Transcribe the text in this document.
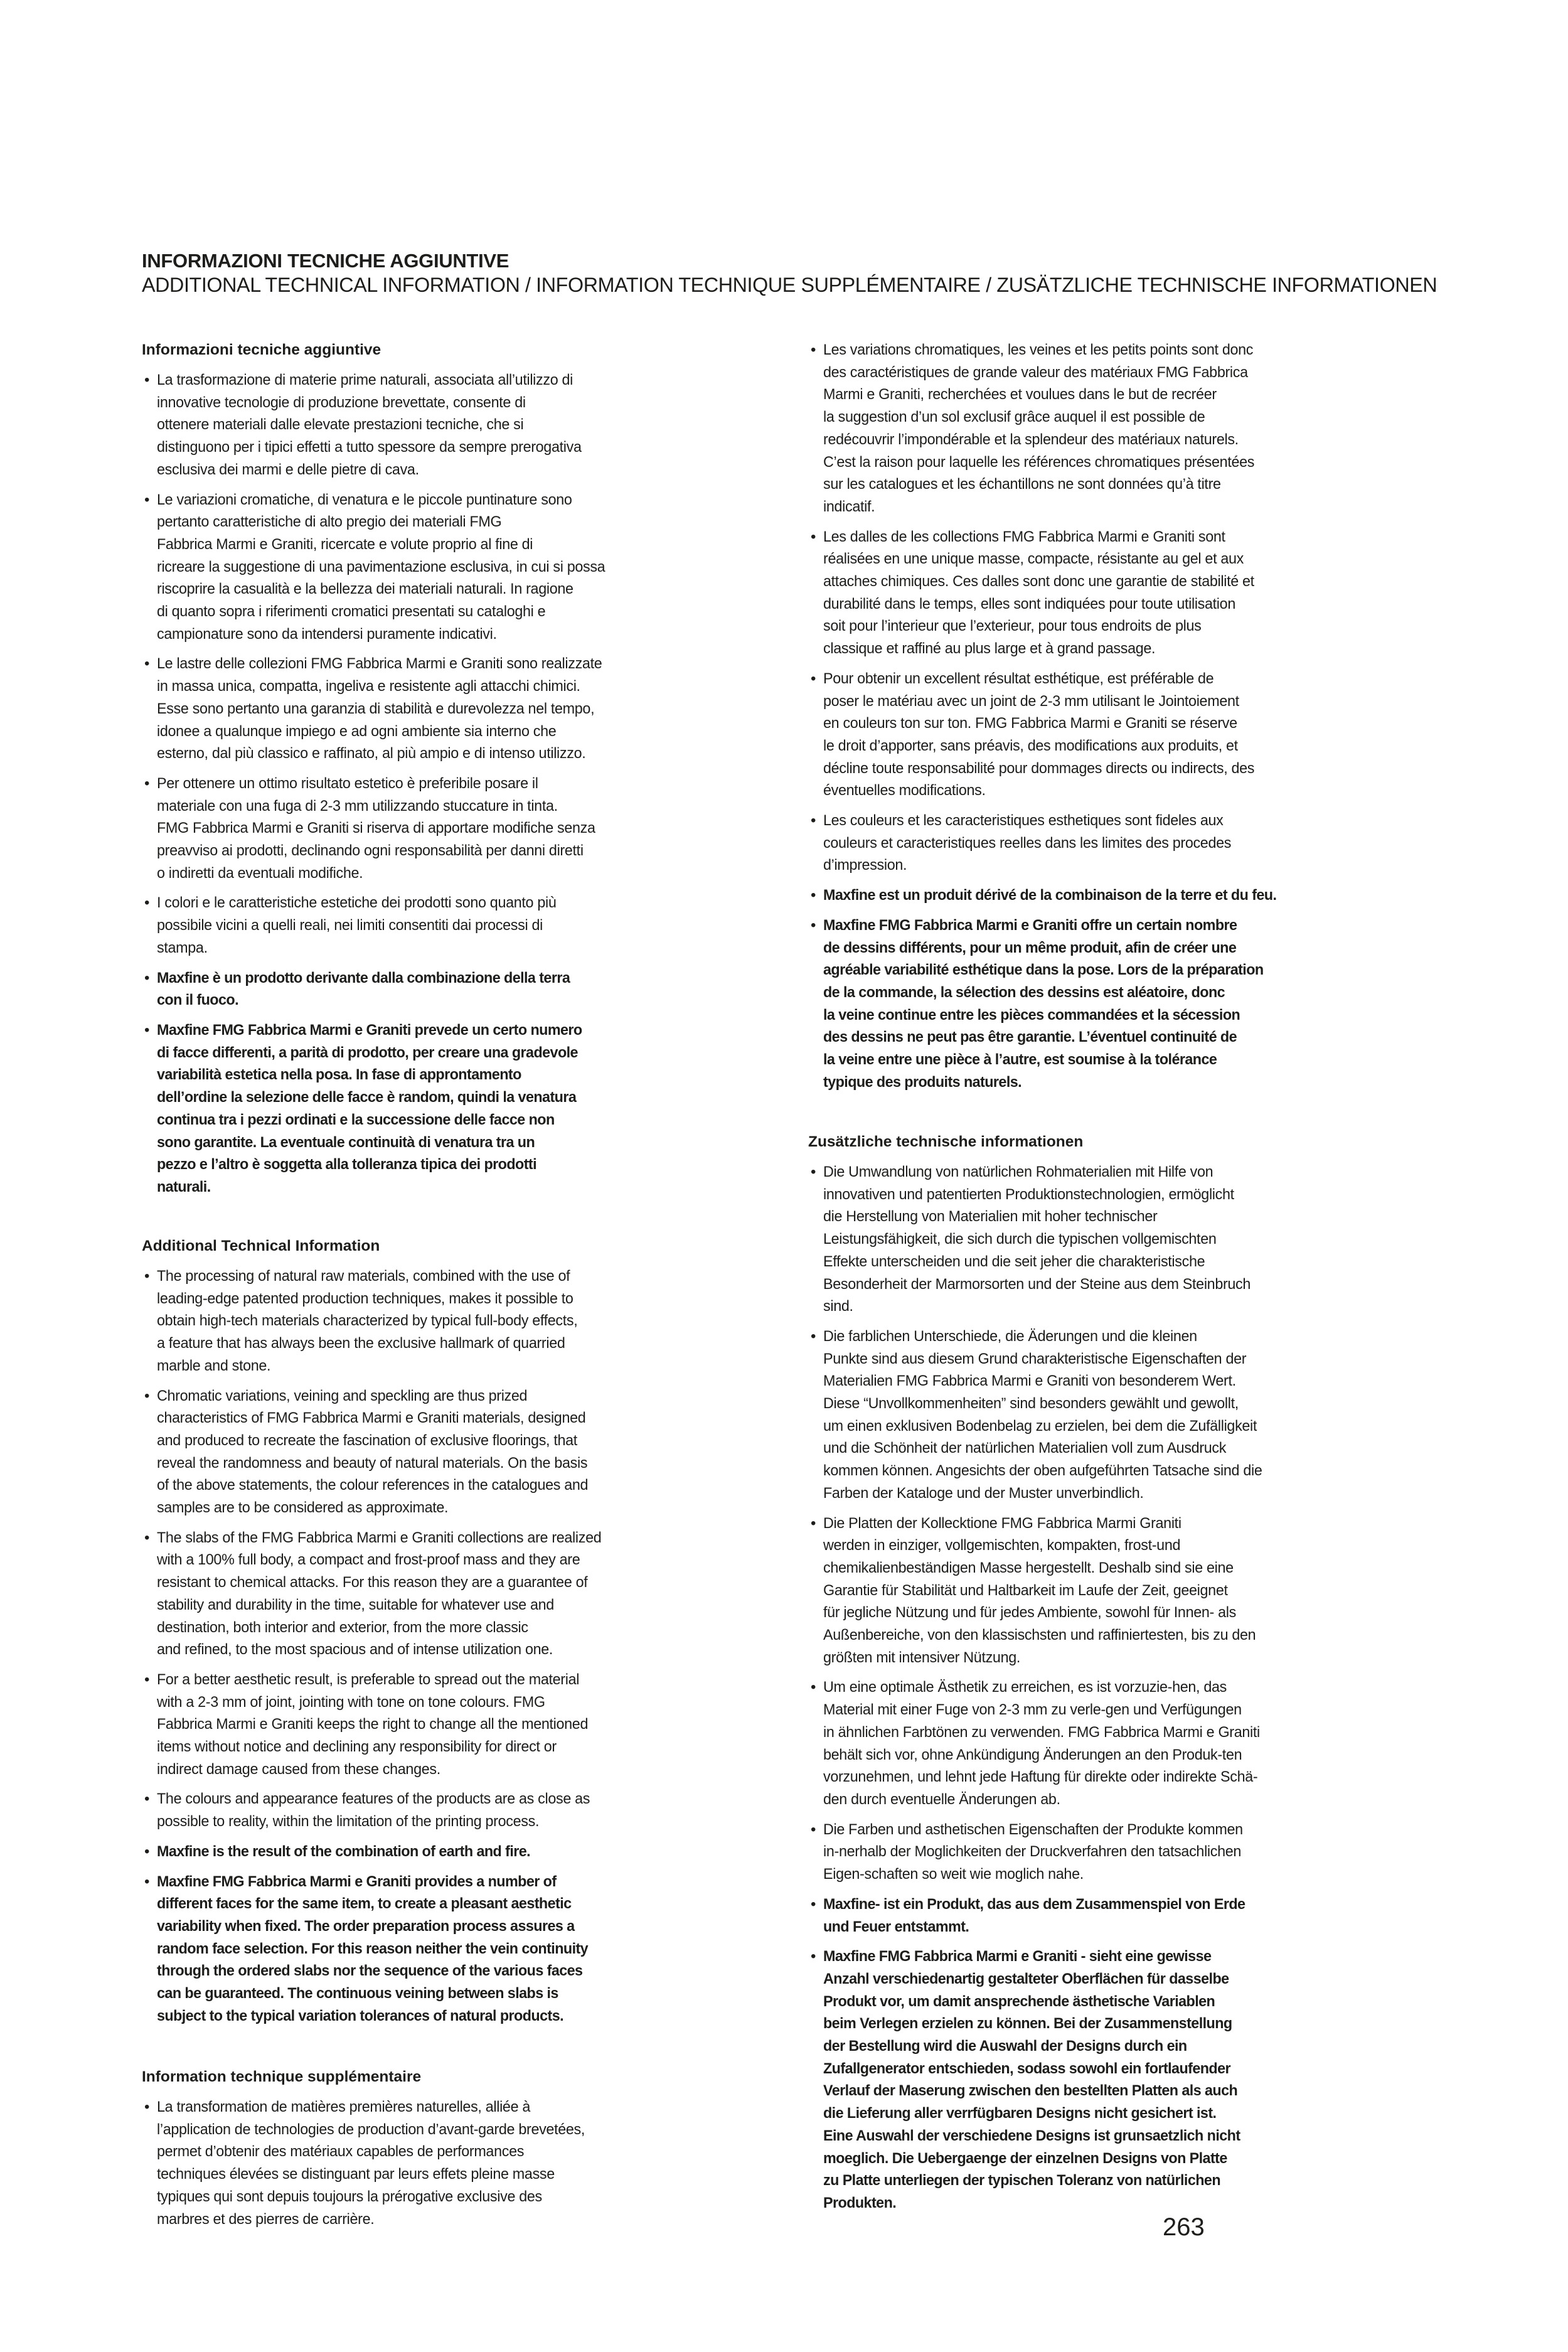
INFORMAZIONI TECNICHE AGGIUNTIVE
ADDITIONAL TECHNICAL INFORMATION / INFORMATION TECHNIQUE SUPPLÉMENTAIRE / ZUSÄTZLICHE TECHNISCHE INFORMATIONEN
Informazioni tecniche aggiuntive
• La trasformazione di materie prime naturali, associata all’utilizzo di
innovative tecnologie di produzione brevettate, consente di
ottenere materiali dalle elevate prestazioni tecniche, che si
distinguono per i tipici effetti a tutto spessore da sempre prerogativa
esclusiva dei marmi e delle pietre di cava.
• Le variazioni cromatiche, di venatura e le piccole puntinature sono
pertanto caratteristiche di alto pregio dei materiali FMG
Fabbrica Marmi e Graniti, ricercate e volute proprio al fine di
ricreare la suggestione di una pavimentazione esclusiva, in cui si possa
riscoprire la casualità e la bellezza dei materiali naturali. In ragione
di quanto sopra i riferimenti cromatici presentati su cataloghi e
campionature sono da intendersi puramente indicativi.
• Le lastre delle collezioni FMG Fabbrica Marmi e Graniti sono realizzate
in massa unica, compatta, ingeliva e resistente agli attacchi chimici.
Esse sono pertanto una garanzia di stabilità e durevolezza nel tempo,
idonee a qualunque impiego e ad ogni ambiente sia interno che
esterno, dal più classico e raffinato, al più ampio e di intenso utilizzo.
• Per ottenere un ottimo risultato estetico è preferibile posare il
materiale con una fuga di 2-3 mm utilizzando stuccature in tinta.
FMG Fabbrica Marmi e Graniti si riserva di apportare modifiche senza
preavviso ai prodotti, declinando ogni responsabilità per danni diretti
o indiretti da eventuali modifiche.
• I colori e le caratteristiche estetiche dei prodotti sono quanto più
possibile vicini a quelli reali, nei limiti consentiti dai processi di
stampa.
• Maxfine è un prodotto derivante dalla combinazione della terra
con il fuoco.
• Maxfine FMG Fabbrica Marmi e Graniti prevede un certo numero
di facce differenti, a parità di prodotto, per creare una gradevole
variabilità estetica nella posa. In fase di approntamento
dell’ordine la selezione delle facce è random, quindi la venatura
continua tra i pezzi ordinati e la successione delle facce non
sono garantite. La eventuale continuità di venatura tra un
pezzo e l’altro è soggetta alla tolleranza tipica dei prodotti
naturali.
Additional Technical Information
• The processing of natural raw materials, combined with the use of
leading-edge patented production techniques, makes it possible to
obtain high-tech materials characterized by typical full-body effects,
a feature that has always been the exclusive hallmark of quarried
marble and stone.
• Chromatic variations, veining and speckling are thus prized
characteristics of FMG Fabbrica Marmi e Graniti materials, designed
and produced to recreate the fascination of exclusive floorings, that
reveal the randomness and beauty of natural materials. On the basis
of the above statements, the colour references in the catalogues and
samples are to be considered as approximate.
• The slabs of the FMG Fabbrica Marmi e Graniti collections are realized
with a 100% full body, a compact and frost-proof mass and they are
resistant to chemical attacks. For this reason they are a guarantee of
stability and durability in the time, suitable for whatever use and
destination, both interior and exterior, from the more classic
and refined, to the most spacious and of intense utilization one.
• For a better aesthetic result, is preferable to spread out the material
with a 2-3 mm of joint, jointing with tone on tone colours. FMG
Fabbrica Marmi e Graniti keeps the right to change all the mentioned
items without notice and declining any responsibility for direct or
indirect damage caused from these changes.
• The colours and appearance features of the products are as close as
possible to reality, within the limitation of the printing process.
• Maxfine is the result of the combination of earth and fire.
• Maxfine FMG Fabbrica Marmi e Graniti provides a number of
different faces for the same item, to create a pleasant aesthetic
variability when fixed. The order preparation process assures a
random face selection. For this reason neither the vein continuity
through the ordered slabs nor the sequence of the various faces
can be guaranteed. The continuous veining between slabs is
subject to the typical variation tolerances of natural products.
Information technique supplémentaire
• La transformation de matières premières naturelles, alliée à
l’application de technologies de production d’avant-garde brevetées,
permet d’obtenir des matériaux capables de performances
techniques élevées se distinguant par leurs effets pleine masse
typiques qui sont depuis toujours la prérogative exclusive des
marbres et des pierres de carrière.
• Les variations chromatiques, les veines et les petits points sont donc
des caractéristiques de grande valeur des matériaux FMG Fabbrica
Marmi e Graniti, recherchées et voulues dans le but de recréer
la suggestion d’un sol exclusif grâce auquel il est possible de
redécouvrir l’impondérable et la splendeur des matériaux naturels.
C’est la raison pour laquelle les références chromatiques présentées
sur les catalogues et les échantillons ne sont données qu’à titre
indicatif.
• Les dalles de les collections FMG Fabbrica Marmi e Graniti sont
réalisées en une unique masse, compacte, résistante au gel et aux
attaches chimiques. Ces dalles sont donc une garantie de stabilité et
durabilité dans le temps, elles sont indiquées pour toute utilisation
soit pour l’interieur que l’exterieur, pour tous endroits de plus
classique et raffiné au plus large et à grand passage.
• Pour obtenir un excellent résultat esthétique, est préférable de
poser le matériau avec un joint de 2-3 mm utilisant le Jointoiement
en couleurs ton sur ton. FMG Fabbrica Marmi e Graniti se réserve
le droit d’apporter, sans préavis, des modifications aux produits, et
décline toute responsabilité pour dommages directs ou indirects, des
éventuelles modifications.
• Les couleurs et les caracteristiques esthetiques sont fideles aux
couleurs et caracteristiques reelles dans les limites des procedes
d’impression.
• Maxfine est un produit dérivé de la combinaison de la terre et du feu.
• Maxfine FMG Fabbrica Marmi e Graniti offre un certain nombre
de dessins différents, pour un même produit, afin de créer une
agréable variabilité esthétique dans la pose. Lors de la préparation
de la commande, la sélection des dessins est aléatoire, donc
la veine continue entre les pièces commandées et la sécession
des dessins ne peut pas être garantie. L’éventuel continuité de
la veine entre une pièce à l’autre, est soumise à la tolérance
typique des produits naturels.
Zusätzliche technische informationen
• Die Umwandlung von natürlichen Rohmaterialien mit Hilfe von
innovativen und patentierten Produktionstechnologien, ermöglicht
die Herstellung von Materialien mit hoher technischer
Leistungsfähigkeit, die sich durch die typischen vollgemischten
Effekte unterscheiden und die seit jeher die charakteristische
Besonderheit der Marmorsorten und der Steine aus dem Steinbruch
sind.
• Die farblichen Unterschiede, die Äderungen und die kleinen
Punkte sind aus diesem Grund charakteristische Eigenschaften der
Materialien FMG Fabbrica Marmi e Graniti von besonderem Wert.
Diese “Unvollkommenheiten” sind besonders gewählt und gewollt,
um einen exklusiven Bodenbelag zu erzielen, bei dem die Zufälligkeit
und die Schönheit der natürlichen Materialien voll zum Ausdruck
kommen können. Angesichts der oben aufgeführten Tatsache sind die
Farben der Kataloge und der Muster unverbindlich.
• Die Platten der Kollecktione FMG Fabbrica Marmi Graniti
werden in einziger, vollgemischten, kompakten, frost-und
chemikalienbeständigen Masse hergestellt. Deshalb sind sie eine
Garantie für Stabilität und Haltbarkeit im Laufe der Zeit, geeignet
für jegliche Nützung und für jedes Ambiente, sowohl für Innen- als
Außenbereiche, von den klassischsten und raffiniertesten, bis zu den
größten mit intensiver Nützung.
• Um eine optimale Ästhetik zu erreichen, es ist vorzuzie-hen, das
Material mit einer Fuge von 2-3 mm zu verle-gen und Verfügungen
in ähnlichen Farbtönen zu verwenden. FMG Fabbrica Marmi e Graniti
behält sich vor, ohne Ankündigung Änderungen an den Produk-ten
vorzunehmen, und lehnt jede Haftung für direkte oder indirekte Schä-
den durch eventuelle Änderungen ab.
• Die Farben und asthetischen Eigenschaften der Produkte kommen
in-nerhalb der Moglichkeiten der Druckverfahren den tatsachlichen
Eigen-schaften so weit wie moglich nahe.
• Maxfine- ist ein Produkt, das aus dem Zusammenspiel von Erde
und Feuer entstammt.
• Maxfine FMG Fabbrica Marmi e Graniti - sieht eine gewisse
Anzahl verschiedenartig gestalteter Oberflächen für dasselbe
Produkt vor, um damit ansprechende ästhetische Variablen
beim Verlegen erzielen zu können. Bei der Zusammenstellung
der Bestellung wird die Auswahl der Designs durch ein
Zufallgenerator entschieden, sodass sowohl ein fortlaufender
Verlauf der Maserung zwischen den bestellten Platten als auch
die Lieferung aller verrfügbaren Designs nicht gesichert ist.
Eine Auswahl der verschiedene Designs ist grunsaetzlich nicht
moeglich. Die Uebergaenge der einzelnen Designs von Platte
zu Platte unterliegen der typischen Toleranz von natürlichen
Produkten.
263
